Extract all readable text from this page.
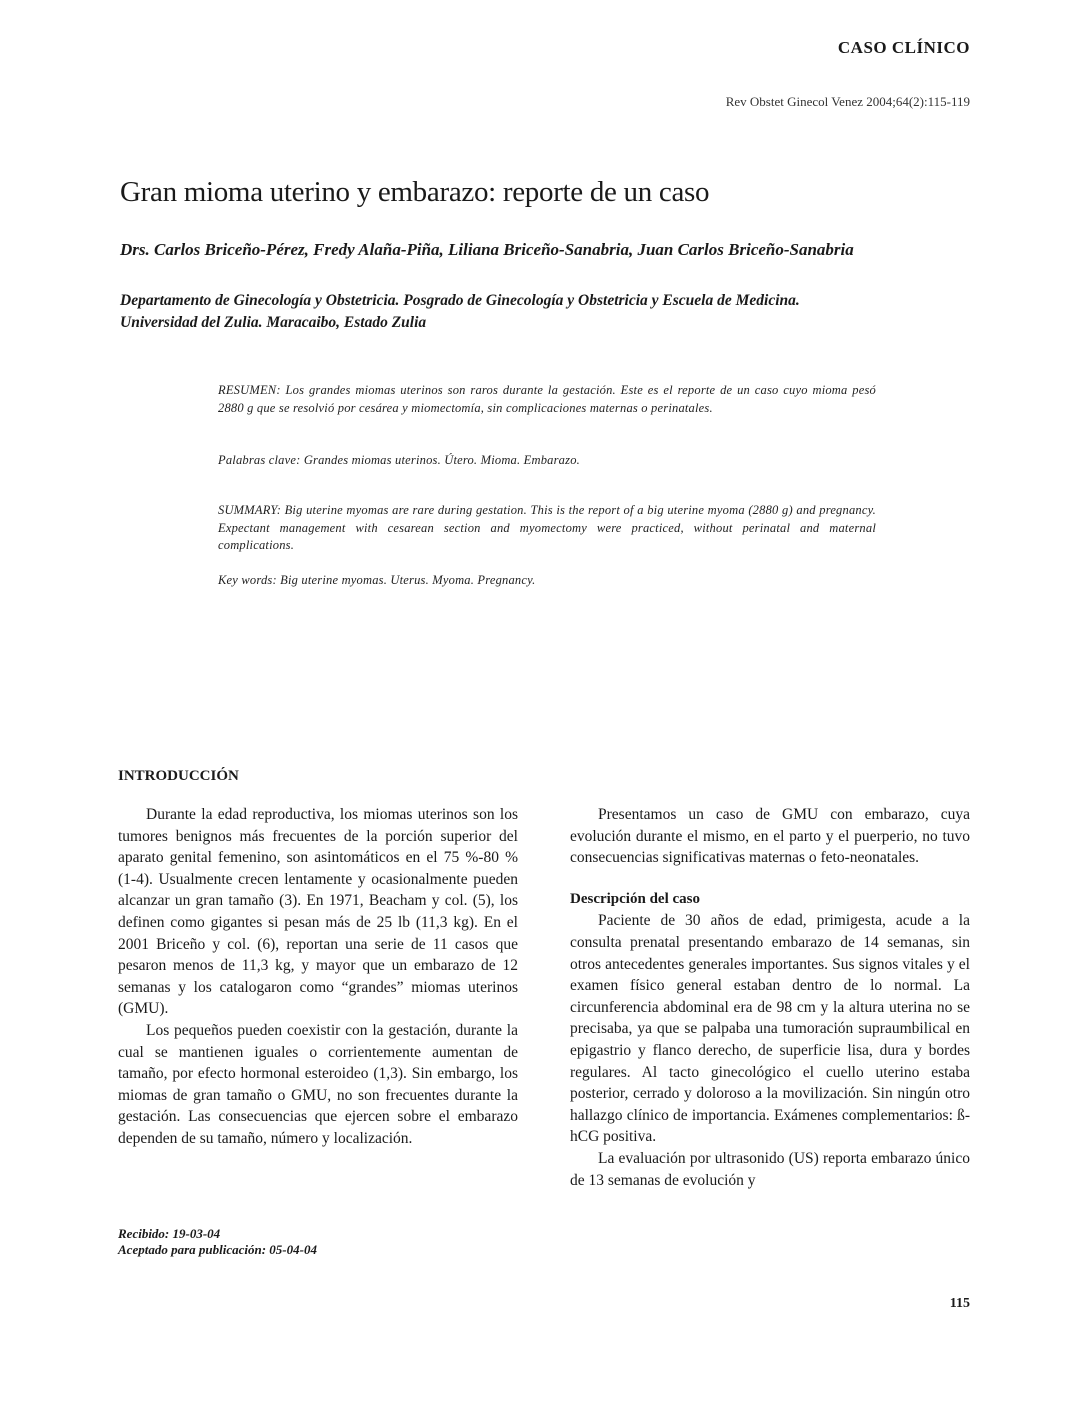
CASO CLÍNICO
Rev Obstet Ginecol Venez 2004;64(2):115-119
Gran mioma uterino y embarazo: reporte de un caso
Drs. Carlos Briceño-Pérez, Fredy Alaña-Piña, Liliana Briceño-Sanabria, Juan Carlos Briceño-Sanabria
Departamento de Ginecología y Obstetricia. Posgrado de Ginecología y Obstetricia y Escuela de Medicina.
Universidad del Zulia. Maracaibo, Estado Zulia
RESUMEN: Los grandes miomas uterinos son raros durante la gestación. Este es el reporte de un caso cuyo mioma pesó 2880 g que se resolvió por cesárea y miomectomía, sin complicaciones maternas o perinatales.
Palabras clave: Grandes miomas uterinos. Útero. Mioma. Embarazo.
SUMMARY: Big uterine myomas are rare during gestation. This is the report of a big uterine myoma (2880 g) and pregnancy. Expectant management with cesarean section and myomectomy were practiced, without perinatal and maternal complications.
Key words: Big uterine myomas. Uterus. Myoma. Pregnancy.
INTRODUCCIÓN

Durante la edad reproductiva, los miomas uterinos son los tumores benignos más frecuentes de la porción superior del aparato genital femenino, son asintomáticos en el 75 %-80 % (1-4). Usualmente crecen lentamente y ocasionalmente pueden alcanzar un gran tamaño (3). En 1971, Beacham y col. (5), los definen como gigantes si pesan más de 25 lb (11,3 kg). En el 2001 Briceño y col. (6), reportan una serie de 11 casos que pesaron menos de 11,3 kg, y mayor que un embarazo de 12 semanas y los catalogaron como “grandes” miomas uterinos (GMU).

Los pequeños pueden coexistir con la gestación, durante la cual se mantienen iguales o corrientemente aumentan de tamaño, por efecto hormonal esteroideo (1,3). Sin embargo, los miomas de gran tamaño o GMU, no son frecuentes durante la gestación. Las consecuencias que ejercen sobre el embarazo dependen de su tamaño, número y localización.

Presentamos un caso de GMU con embarazo, cuya evolución durante el mismo, en el parto y el puerperio, no tuvo consecuencias significativas maternas o feto-neonatales.

Descripción del caso

Paciente de 30 años de edad, primigesta, acude a la consulta prenatal presentando embarazo de 14 semanas, sin otros antecedentes generales importantes. Sus signos vitales y el examen físico general estaban dentro de lo normal. La circunferencia abdominal era de 98 cm y la altura uterina no se precisaba, ya que se palpaba una tumoración supraumbilical en epigastrio y flanco derecho, de superficie lisa, dura y bordes regulares. Al tacto ginecológico el cuello uterino estaba posterior, cerrado y doloroso a la movilización. Sin ningún otro hallazgo clínico de importancia. Exámenes complementarios: ß-hCG positiva.

La evaluación por ultrasonido (US) reporta embarazo único de 13 semanas de evolución y

Recibido: 19-03-04
Aceptado para publicación: 05-04-04
115
